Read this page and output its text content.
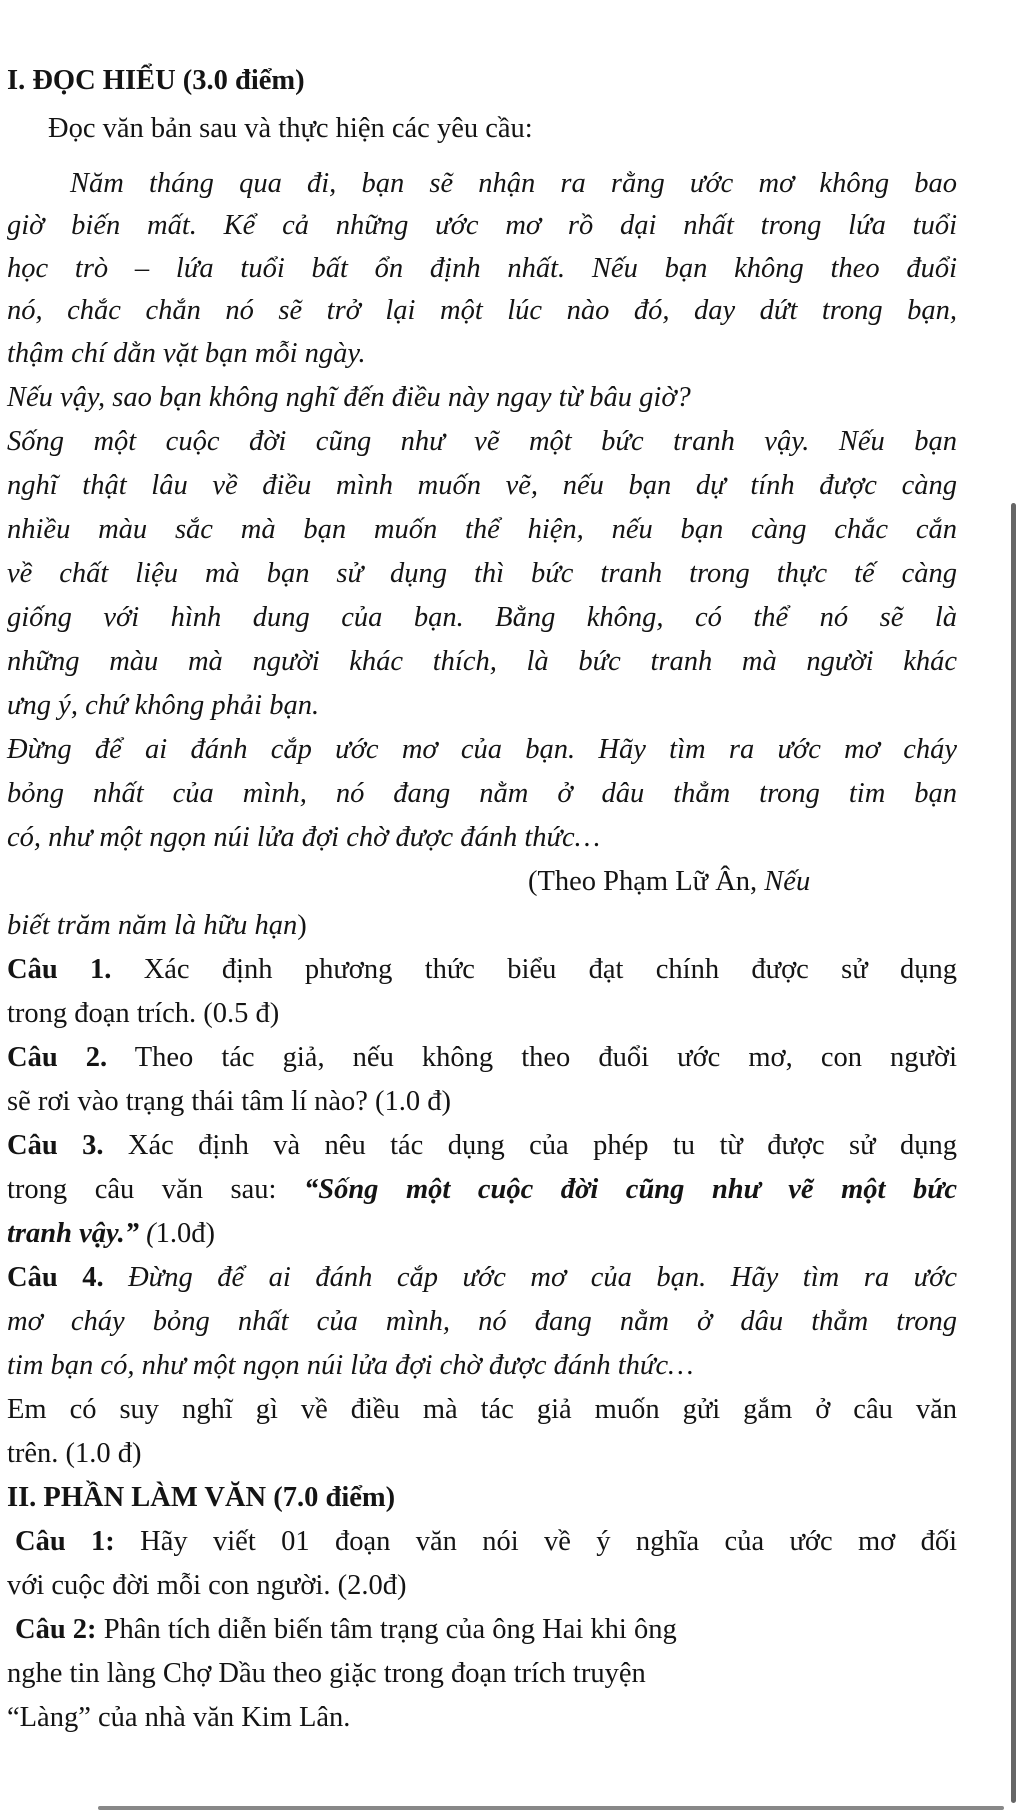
I. ĐỌC HIỂU (3.0 điểm)
Đọc văn bản sau và thực hiện các yêu cầu:
Năm tháng qua đi, bạn sẽ nhận ra rằng ước mơ không bao
giờ biến mất. Kể cả những ước mơ rồ dại nhất trong lứa tuổi
học trò – lứa tuổi bất ổn định nhất. Nếu bạn không theo đuổi
nó, chắc chắn nó sẽ trở lại một lúc nào đó, day dứt trong bạn,
thậm chí dằn vặt bạn mỗi ngày.
Nếu vậy, sao bạn không nghĩ đến điều này ngay từ bâu giờ?
Sống một cuộc đời cũng như vẽ một bức tranh vậy. Nếu bạn
nghĩ thật lâu về điều mình muốn vẽ, nếu bạn dự tính được càng
nhiều màu sắc mà bạn muốn thể hiện, nếu bạn càng chắc cắn
về chất liệu mà bạn sử dụng thì bức tranh trong thực tế càng
giống với hình dung của bạn. Bằng không, có thể nó sẽ là
những màu mà người khác thích, là bức tranh mà người khác
ưng ý, chứ không phải bạn.
Đừng để ai đánh cắp ước mơ của bạn. Hãy tìm ra ước mơ cháy
bỏng nhất của mình, nó đang nằm ở dâu thẳm trong tim bạn
có, như một ngọn núi lửa đợi chờ được đánh thức…
(Theo Phạm Lữ Ân, Nếu
biết trăm năm là hữu hạn)
Câu 1. Xác định phương thức biểu đạt chính được sử dụng
trong đoạn trích. (0.5 đ)
Câu 2. Theo tác giả, nếu không theo đuổi ước mơ, con người
sẽ rơi vào trạng thái tâm lí nào? (1.0 đ)
Câu 3. Xác định và nêu tác dụng của phép tu từ được sử dụng
trong câu văn sau: “Sống một cuộc đời cũng như vẽ một bức
tranh vậy.” (1.0đ)
Câu 4. Đừng để ai đánh cắp ước mơ của bạn. Hãy tìm ra ước
mơ cháy bỏng nhất của mình, nó đang nằm ở dâu thẳm trong
tim bạn có, như một ngọn núi lửa đợi chờ được đánh thức…
Em có suy nghĩ gì về điều mà tác giả muốn gửi gắm ở câu văn
trên. (1.0 đ)
II. PHẦN LÀM VĂN (7.0 điểm)
Câu 1: Hãy viết 01 đoạn văn nói về ý nghĩa của ước mơ đối
với cuộc đời mỗi con người. (2.0đ)
Câu 2: Phân tích diễn biến tâm trạng của ông Hai khi ông
nghe tin làng Chợ Dầu theo giặc trong đoạn trích truyện
“Làng” của nhà văn Kim Lân.
